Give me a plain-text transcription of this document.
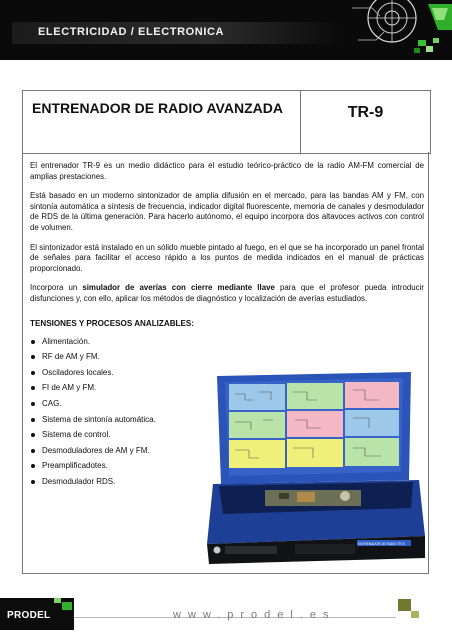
ELECTRICIDAD / ELECTRONICA
ENTRENADOR DE RADIO AVANZADA	TR-9

El entrenador TR-9 es un medio didáctico para el estudio teórico-práctico de la radio AM-FM comercial de amplias prestaciones.

Está basado en un moderno sintonizador de amplia difusión en el mercado, para las bandas AM y FM, con sintonía automática a síntesis de frecuencia, indicador digital fluorescente, memoria de canales y desmodulador de RDS de la última generación. Para hacerlo autónomo, el equipo incorpora dos altavoces activos con control de volumen.

El sintonizador está instalado en un sólido mueble pintado al fuego, en el que se ha incorporado un panel frontal de señales para facilitar el acceso rápido a los puntos de medida indicados en el manual de prácticas proporcionado.

Incorpora un simulador de averías con cierre mediante llave para que el profesor pueda introducir disfunciones y, con ello, aplicar los métodos de diagnóstico y localización de averías estudiados.

TENSIONES Y PROCESOS ANALIZABLES:
Alimentación.
RF de AM y FM.
Osciladores locales.
FI de AM y FM.
CAG.
Sistema de sintonía automática.
Sistema de control.
Desmoduladores de AM y FM.
Preamplificadotes.
Desmodulador RDS.
ENTRENADOR DE RADIO TR-9
PRODEL	www.prodel.es
